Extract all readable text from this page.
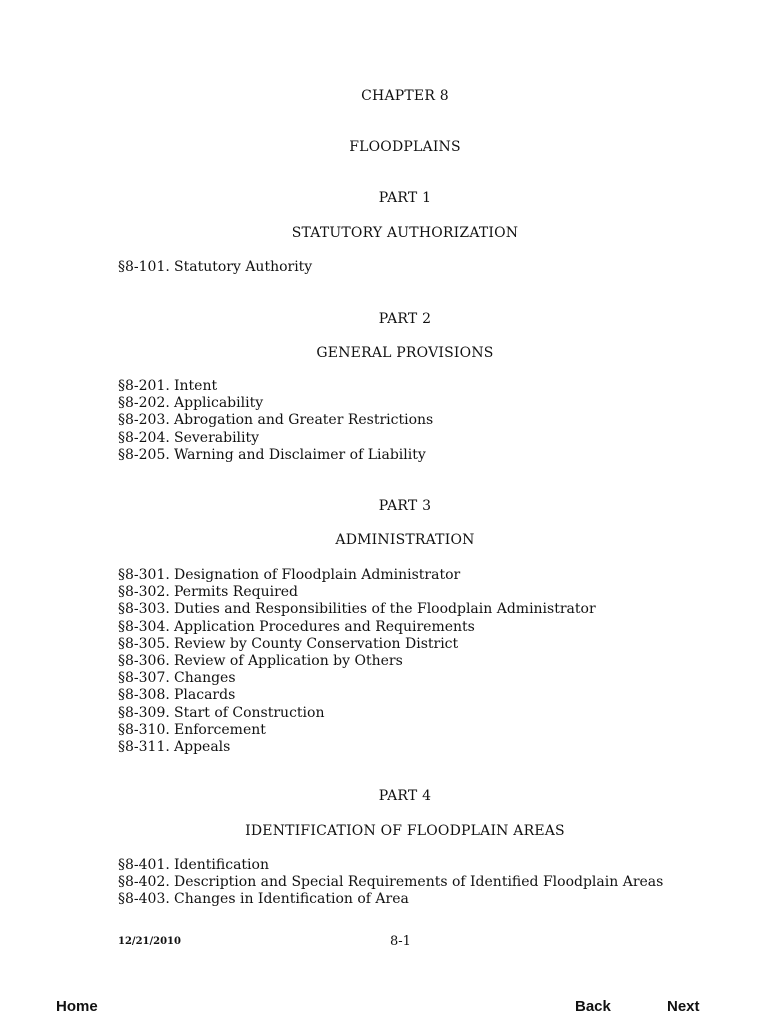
CHAPTER 8
FLOODPLAINS
PART 1
STATUTORY AUTHORIZATION
§8-101. Statutory Authority
PART 2
GENERAL PROVISIONS
§8-201. Intent
§8-202. Applicability
§8-203. Abrogation and Greater Restrictions
§8-204. Severability
§8-205. Warning and Disclaimer of Liability
PART 3
ADMINISTRATION
§8-301. Designation of Floodplain Administrator
§8-302. Permits Required
§8-303. Duties and Responsibilities of the Floodplain Administrator
§8-304. Application Procedures and Requirements
§8-305. Review by County Conservation District
§8-306. Review of Application by Others
§8-307. Changes
§8-308. Placards
§8-309. Start of Construction
§8-310. Enforcement
§8-311. Appeals
PART 4
IDENTIFICATION OF FLOODPLAIN AREAS
§8-401. Identification
§8-402. Description and Special Requirements of Identified Floodplain Areas
§8-403. Changes in Identification of Area
12/21/2010	8-1
Home	Back	Next
